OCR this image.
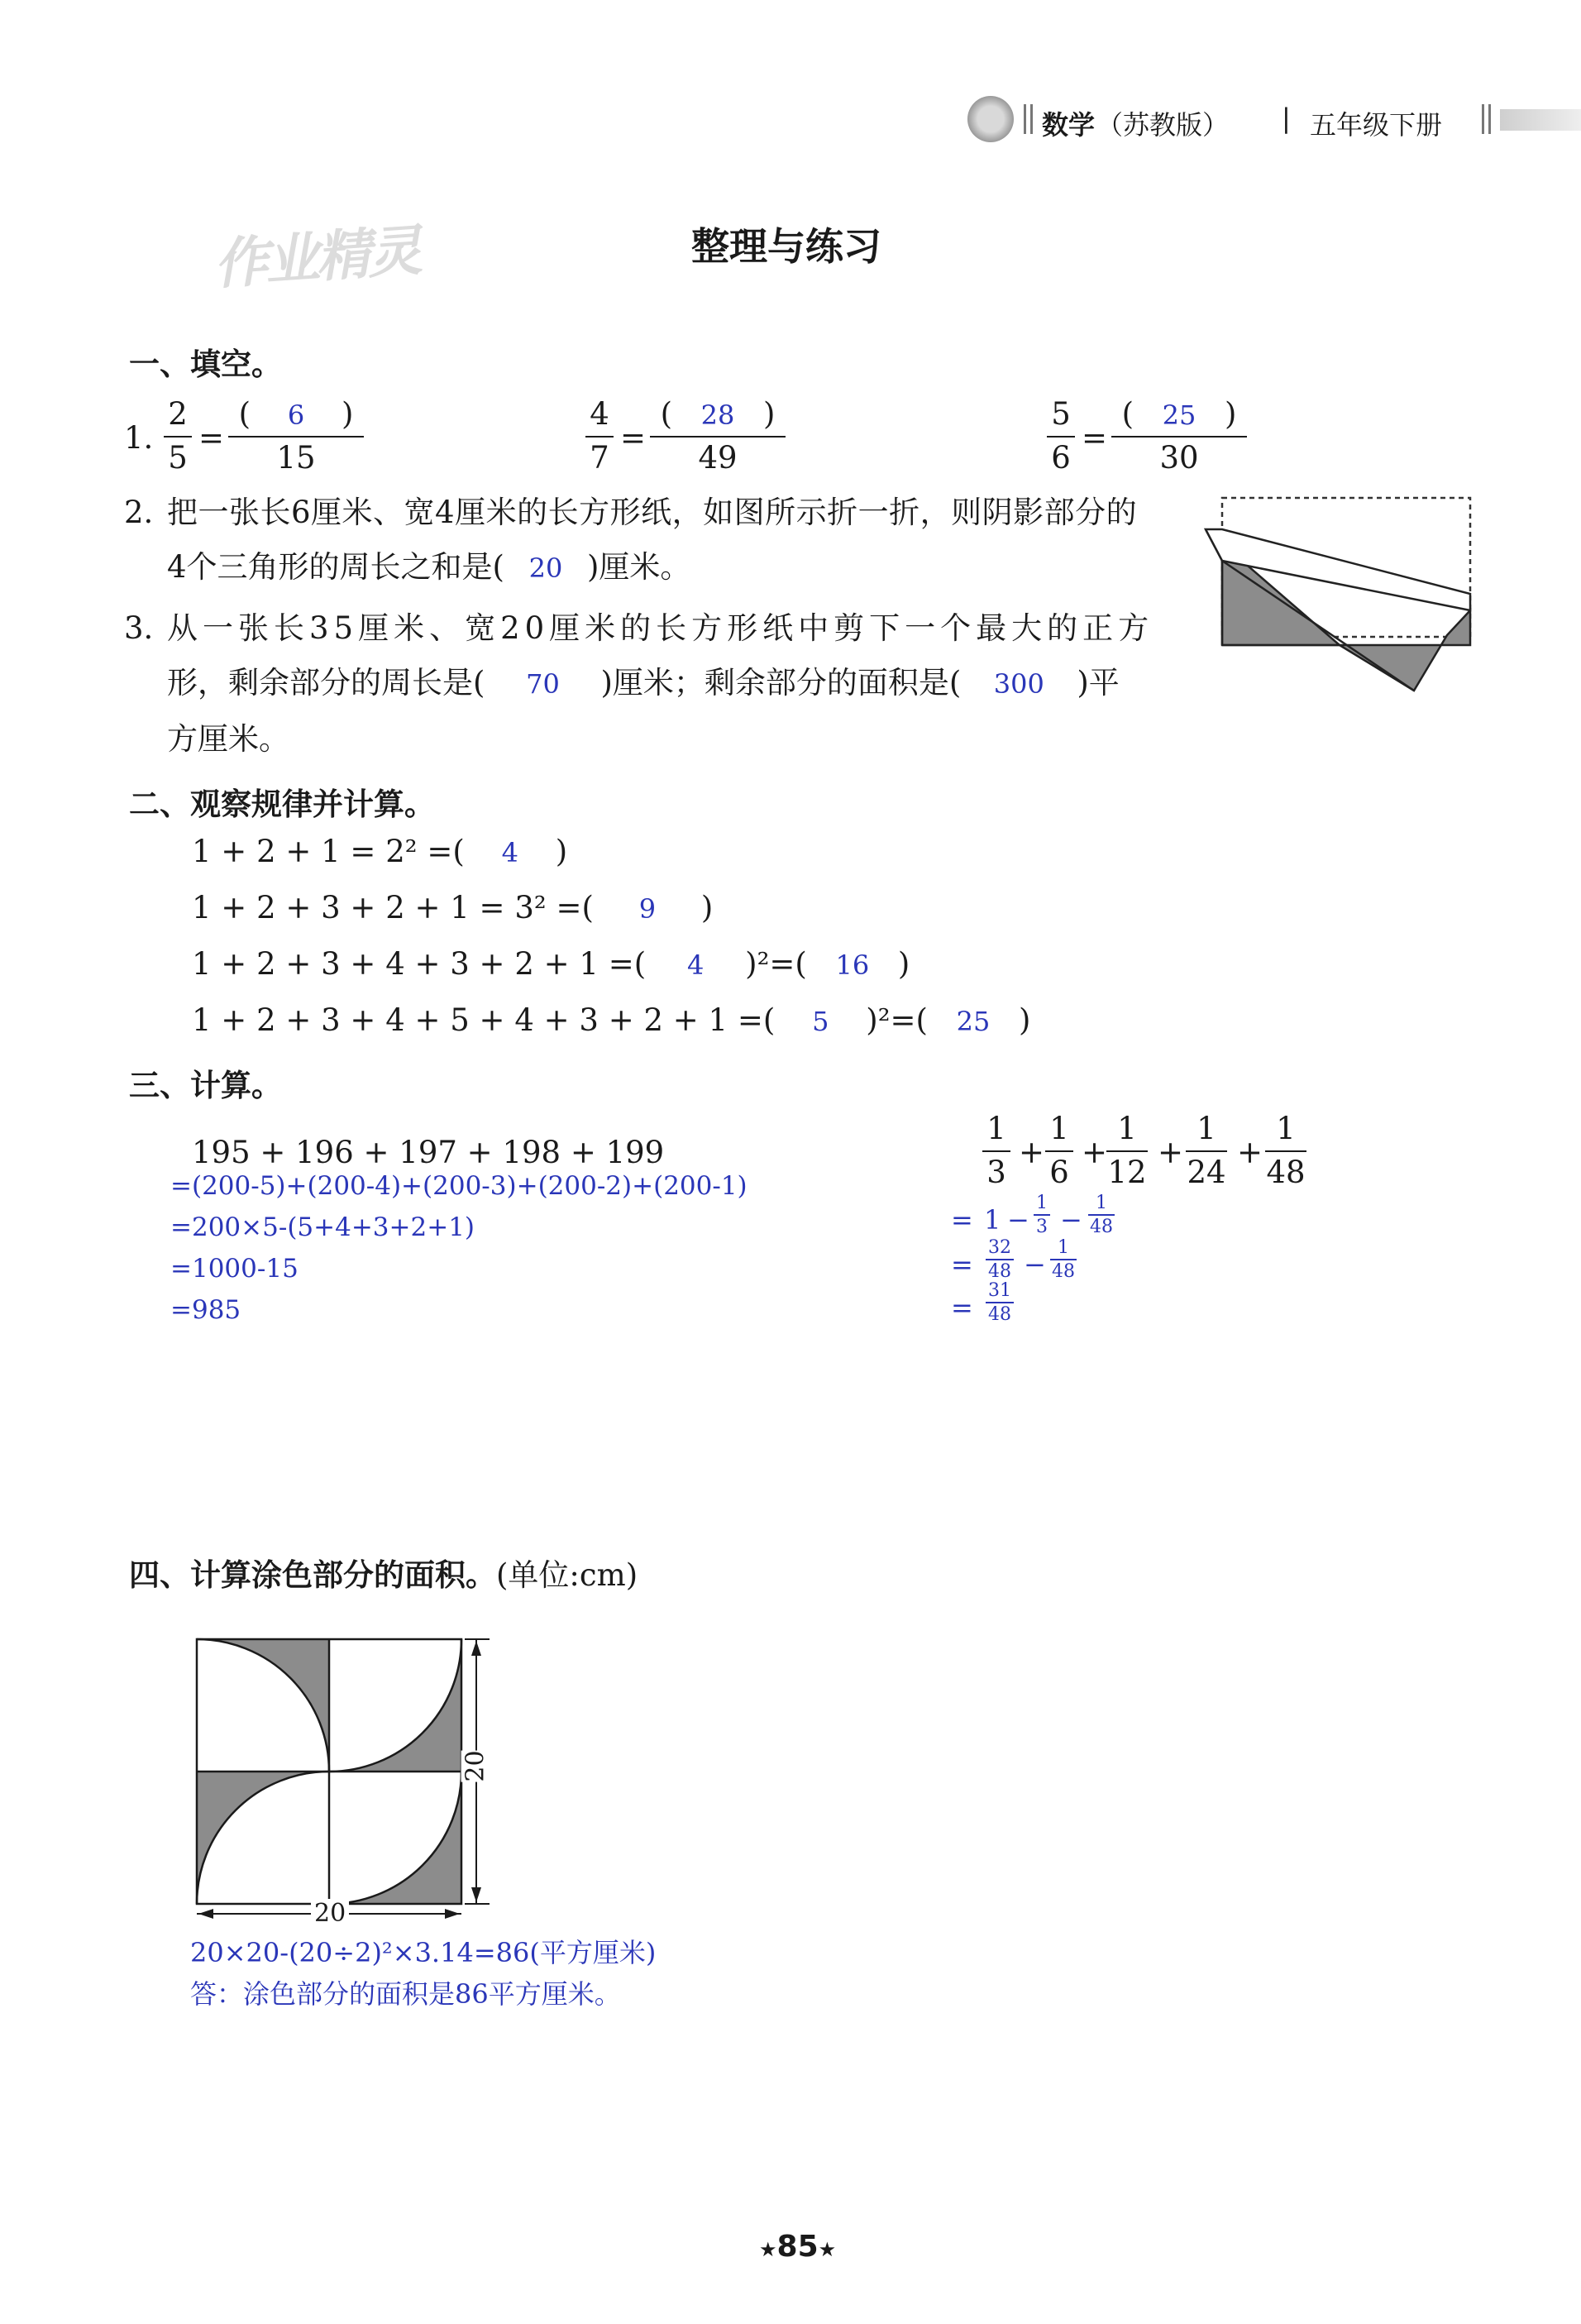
数学 （苏教版） | 五年级下册
作业精灵	整理与练习
一、填空。
1.
2
5
=
( 6 )
15
4
7
=
( 28 )
49
5
6
=
( 25 )
30
2. 把一张长6厘米、宽4厘米的长方形纸，如图所示折一折，则阴影部分的
4个三角形的周长之和是( 20 )厘米。
3. 从一张长35厘米、宽20厘米的长方形纸中剪下一个最大的正方
形，剩余部分的周长是( 70 )厘米；剩余部分的面积是( 300 )平
方厘米。
二、观察规律并计算。
1 + 2 + 1 = 2² =( 4 )
1 + 2 + 3 + 2 + 1 = 3² =( 9 )
1 + 2 + 3 + 4 + 3 + 2 + 1 =( 4 )²=( 16 )
1 + 2 + 3 + 4 + 5 + 4 + 3 + 2 + 1 =( 5 )²=( 25 )
三、计算。
195 + 196 + 197 + 198 + 199
=(200-5)+(200-4)+(200-3)+(200-2)+(200-1)
=200×5-(5+4+3+2+1)
=1000-15
=985
1
3
+
1
6
+
1
12
+
1
24
+
1
48
= 1 −
1
3 −
1
48
=
32
48 −
1
48
=
31
48
四、计算涂色部分的面积。(单位:cm)
20
20
20×20-(20÷2)²×3.14=86(平方厘米)
答：涂色部分的面积是86平方厘米。
★85★
